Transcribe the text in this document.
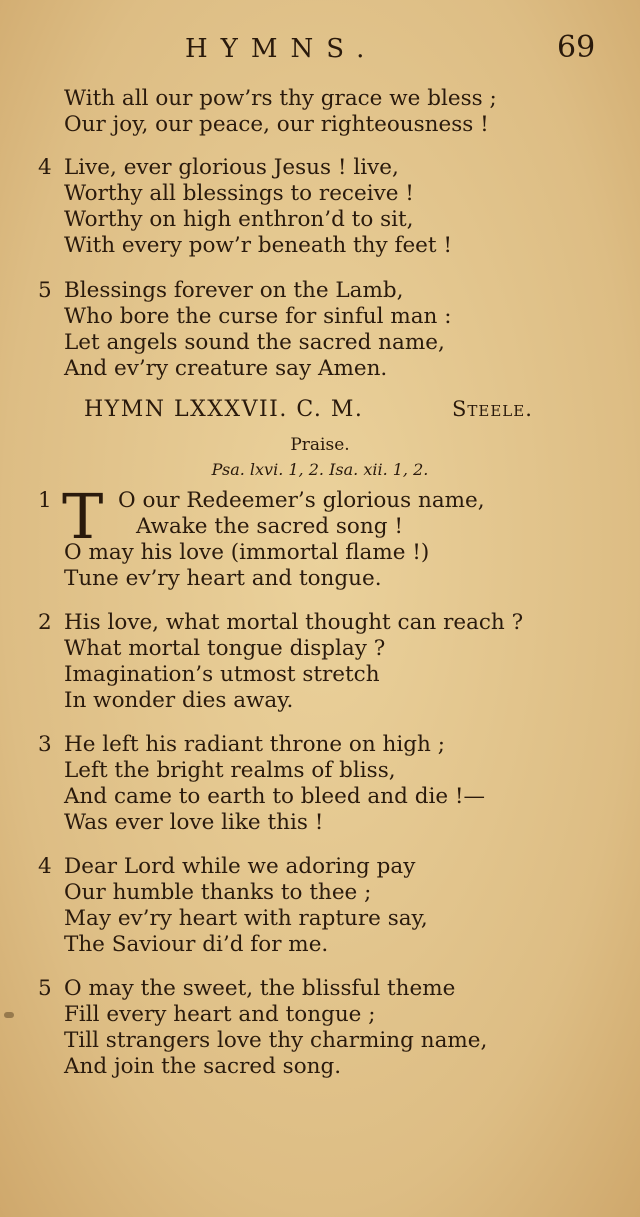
HYMNS.	69
With all our pow’rs thy grace we bless ;
Our joy, our peace, our righteousness !
4 Live, ever glorious Jesus ! live,
Worthy all blessings to receive !
Worthy on high enthron’d to sit,
With every pow’r beneath thy feet !
5 Blessings forever on the Lamb,
Who bore the curse for sinful man :
Let angels sound the sacred name,
And ev’ry creature say Amen.
HYMN LXXXVII. C. M.	Steele.
Praise.
Psa. lxvi. 1, 2. Isa. xii. 1, 2.
T
1	O our Redeemer’s glorious name,
Awake the sacred song !
O may his love (immortal flame !)
Tune ev’ry heart and tongue.
2 His love, what mortal thought can reach ?
What mortal tongue display ?
Imagination’s utmost stretch
In wonder dies away.
3 He left his radiant throne on high ;
Left the bright realms of bliss,
And came to earth to bleed and die !—
Was ever love like this !
4 Dear Lord while we adoring pay
Our humble thanks to thee ;
May ev’ry heart with rapture say,
The Saviour di’d for me.
5 O may the sweet, the blissful theme
Fill every heart and tongue ;
Till strangers love thy charming name,
And join the sacred song.
